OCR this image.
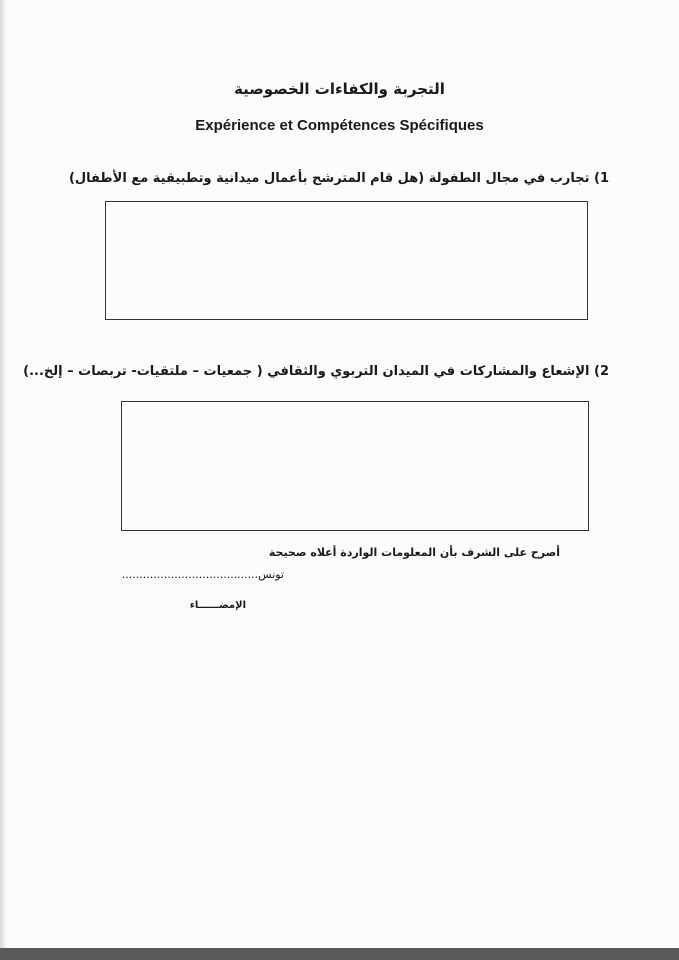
التجربة والكفاءات الخصوصية
Expérience et Compétences Spécifiques
1) تجارب في مجال الطفولة (هل قام المترشح بأعمال ميدانية وتطبيقية مع الأطفال)
2) الإشعاع والمشاركات في الميدان التربوي والثقافي ( جمعيات – ملتقيات- تربصات – إلخ...)
أصرح على الشرف بأن المعلومات الواردة أعلاه صحيحة
تونس.......................................
الإمضــــــاء
